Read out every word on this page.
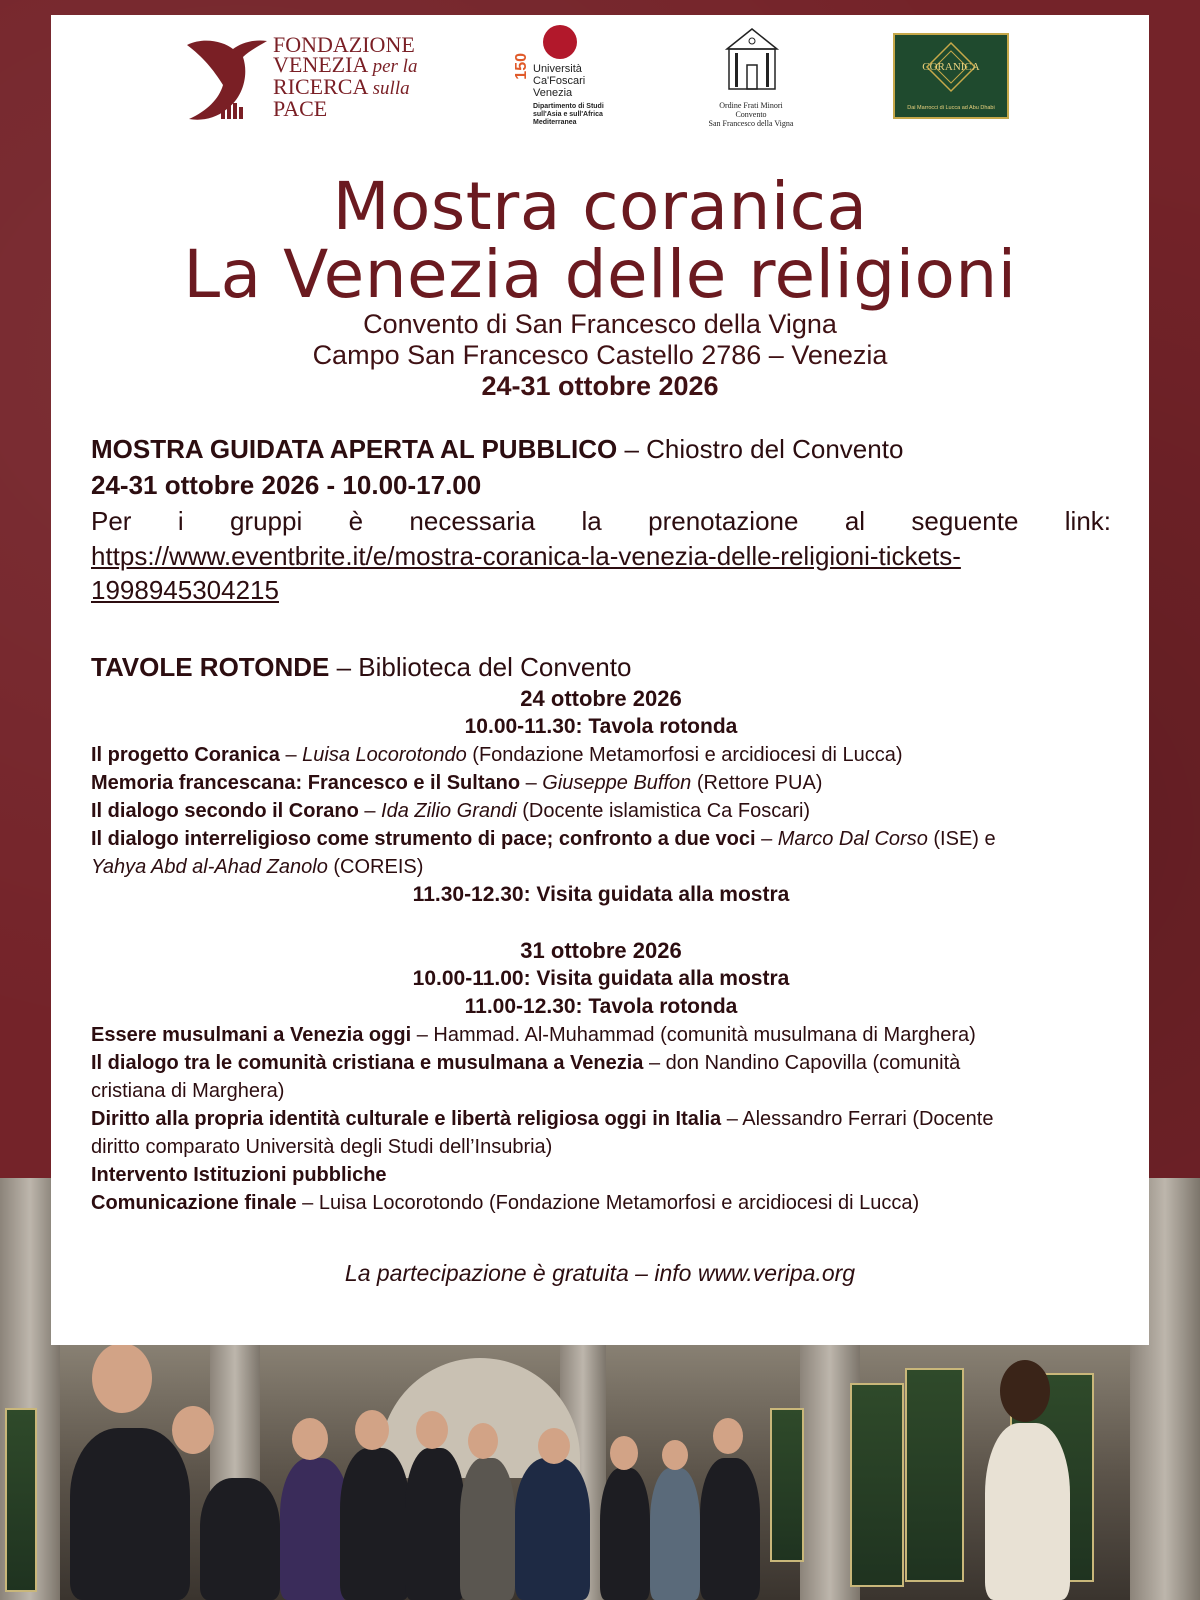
FONDAZIONE
VENEZIA per la
RICERCA sulla
PACE
150 Università
Ca'Foscari
Venezia
Dipartimento di Studi
sull'Asia e sull'Africa
Mediterranea
Ordine Frati Minori
Convento
San Francesco della Vigna
CORANICA
Dai Marrocci di Lucca ad Abu Dhabi
Mostra coranica
La Venezia delle religioni
Convento di San Francesco della Vigna
Campo San Francesco Castello 2786 – Venezia
24-31 ottobre 2026
MOSTRA GUIDATA APERTA AL PUBBLICO – Chiostro del Convento
24-31 ottobre 2026 - 10.00-17.00
Per i gruppi è necessaria la prenotazione al seguente link:
https://www.eventbrite.it/e/mostra-coranica-la-venezia-delle-religioni-tickets-
1998945304215
TAVOLE ROTONDE – Biblioteca del Convento
24 ottobre 2026
10.00-11.30: Tavola rotonda
Il progetto Coranica – Luisa Locorotondo (Fondazione Metamorfosi e arcidiocesi di Lucca)
Memoria francescana: Francesco e il Sultano – Giuseppe Buffon (Rettore PUA)
Il dialogo secondo il Corano – Ida Zilio Grandi (Docente islamistica Ca Foscari)
Il dialogo interreligioso come strumento di pace; confronto a due voci – Marco Dal Corso (ISE) e
Yahya Abd al-Ahad Zanolo (COREIS)
11.30-12.30: Visita guidata alla mostra
31 ottobre 2026
10.00-11.00: Visita guidata alla mostra
11.00-12.30: Tavola rotonda
Essere musulmani a Venezia oggi – Hammad. Al-Muhammad (comunità musulmana di Marghera)
Il dialogo tra le comunità cristiana e musulmana a Venezia – don Nandino Capovilla (comunità
cristiana di Marghera)
Diritto alla propria identità culturale e libertà religiosa oggi in Italia – Alessandro Ferrari (Docente
diritto comparato Università degli Studi dell’Insubria)
Intervento Istituzioni pubbliche
Comunicazione finale – Luisa Locorotondo (Fondazione Metamorfosi e arcidiocesi di Lucca)
La partecipazione è gratuita – info www.veripa.org
